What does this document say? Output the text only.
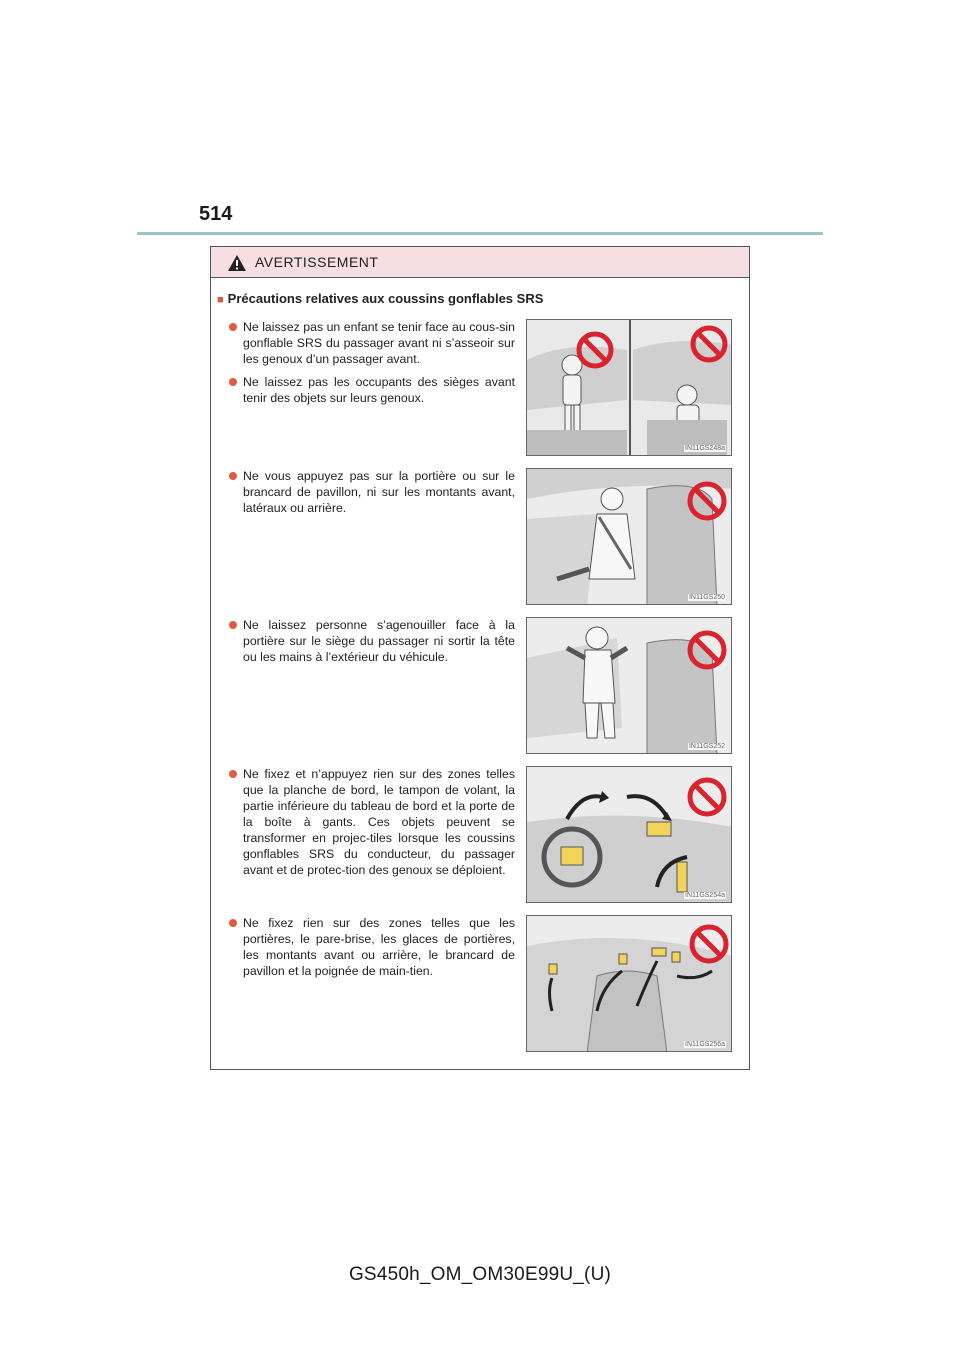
514
AVERTISSEMENT
■ Précautions relatives aux coussins gonflables SRS
Ne laissez pas un enfant se tenir face au cous-sin gonflable SRS du passager avant ni s’asseoir sur les genoux d’un passager avant.
Ne laissez pas les occupants des sièges avant tenir des objets sur leurs genoux.
IN11GS248a
Ne vous appuyez pas sur la portière ou sur le brancard de pavillon, ni sur les montants avant, latéraux ou arrière.
IN11GS250
Ne laissez personne s’agenouiller face à la portière sur le siège du passager ni sortir la tête ou les mains à l’extérieur du véhicule.
IN11GS252
Ne fixez et n’appuyez rien sur des zones telles que la planche de bord, le tampon de volant, la partie inférieure du tableau de bord et la porte de la boîte à gants. Ces objets peuvent se transformer en projec-tiles lorsque les coussins gonflables SRS du conducteur, du passager avant et de protec-tion des genoux se déploient.
IN11GS254a
Ne fixez rien sur des zones telles que les portières, le pare-brise, les glaces de portières, les montants avant ou arrière, le brancard de pavillon et la poignée de main-tien.
IN11GS256a
GS450h_OM_OM30E99U_(U)
